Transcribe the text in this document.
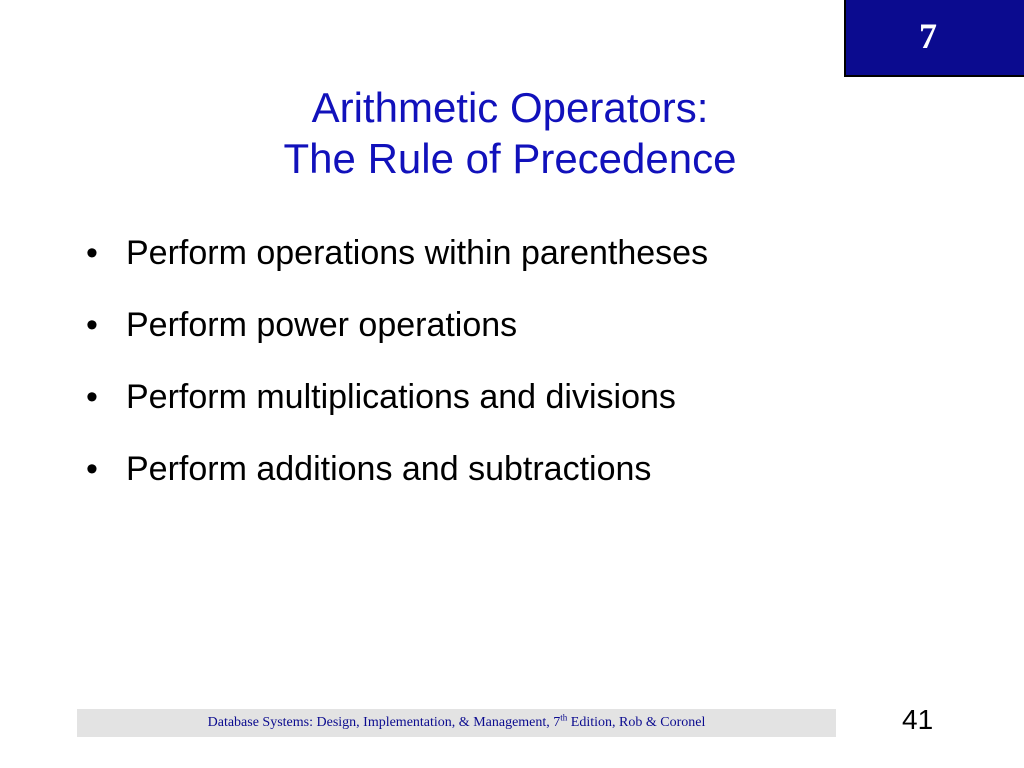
7
Arithmetic Operators:
The Rule of Precedence
• Perform operations within parentheses
• Perform power operations
• Perform multiplications and divisions
• Perform additions and subtractions
Database Systems: Design, Implementation, & Management, 7th Edition, Rob & Coronel	41
